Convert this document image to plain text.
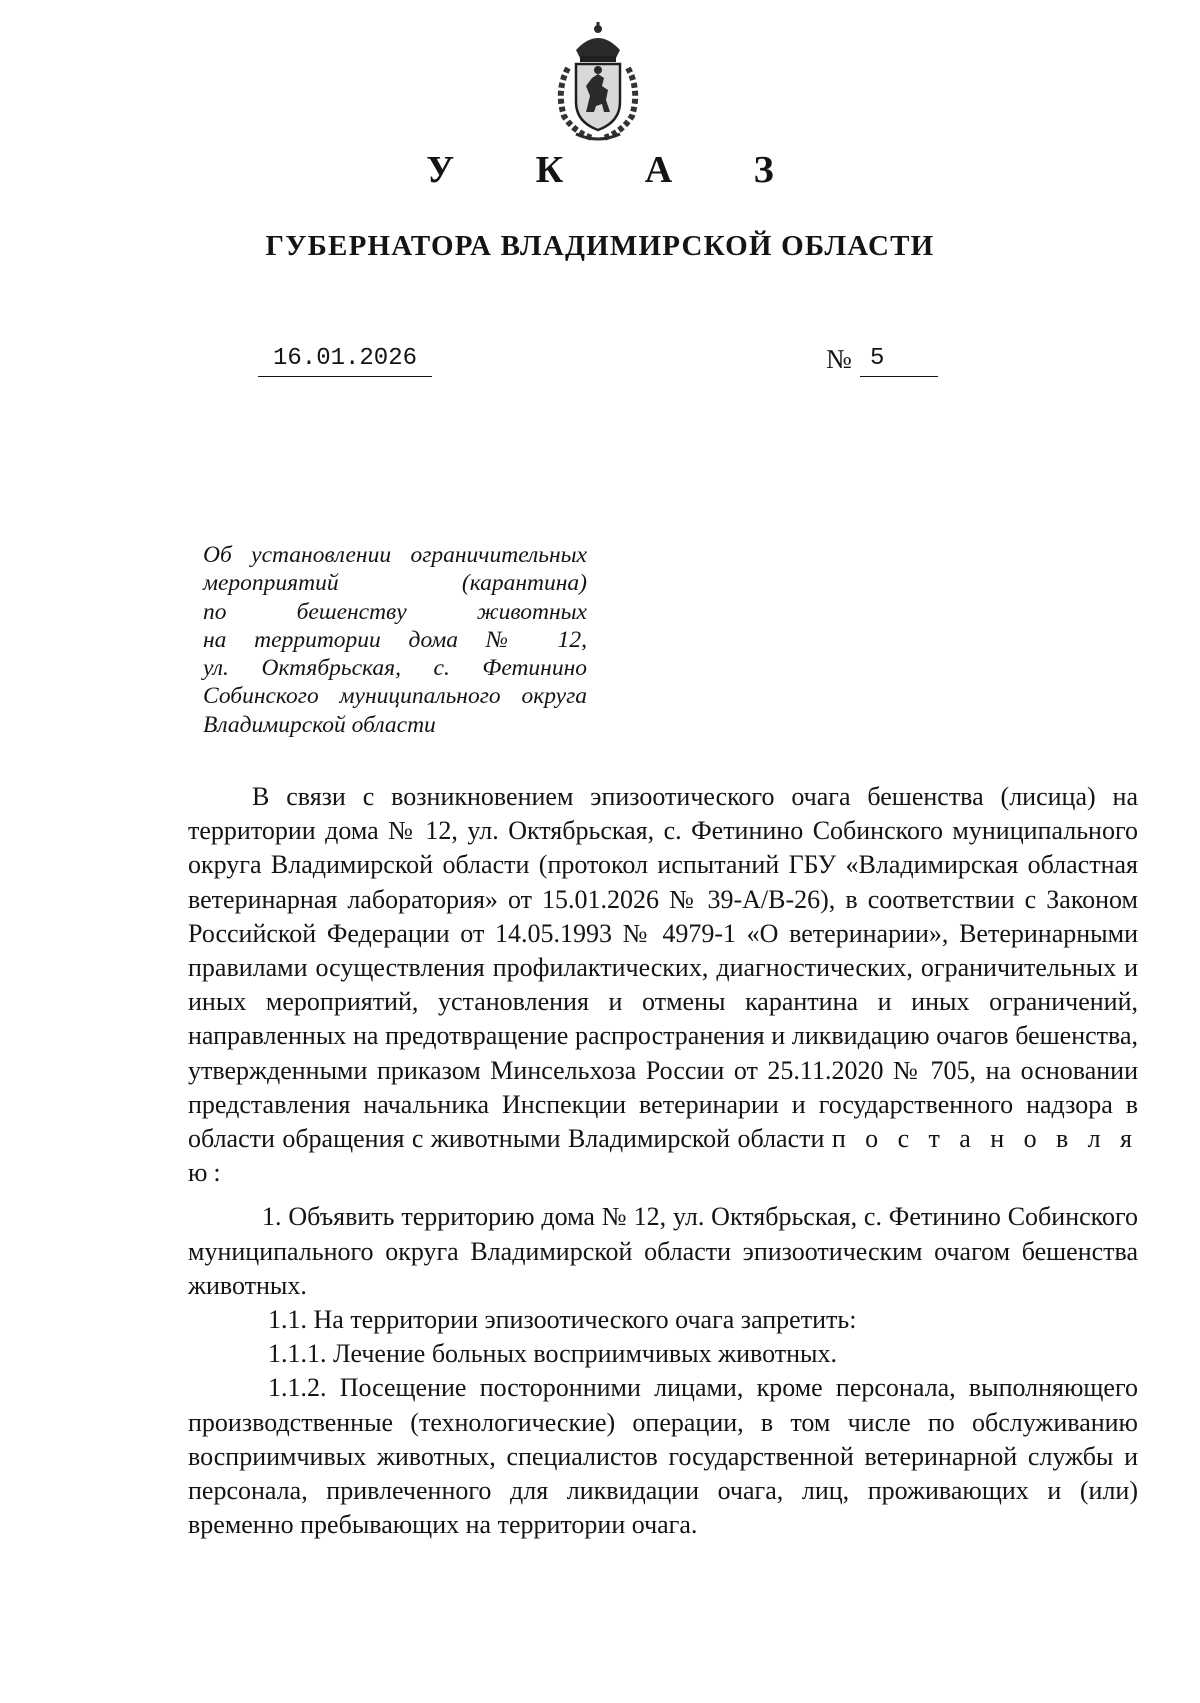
У К А З
ГУБЕРНАТОРА ВЛАДИМИРСКОЙ ОБЛАСТИ
16.01.2026	№ 5
Об установлении ограничительных
мероприятий (карантина)
по бешенству животных
на территории дома № 12,
ул. Октябрьская, с. Фетинино
Собинского муниципального округа
Владимирской области

В связи с возникновением эпизоотического очага бешенства (лисица) на территории дома № 12, ул. Октябрьская, с. Фетинино Собинского муниципального округа Владимирской области (протокол испытаний ГБУ «Владимирская областная ветеринарная лаборатория» от 15.01.2026 № 39-А/В-26), в соответствии с Законом Российской Федерации от 14.05.1993 № 4979-1 «О ветеринарии», Ветеринарными правилами осуществления профилактических, диагностических, ограничительных и иных мероприятий, установления и отмены карантина и иных ограничений, направленных на предотвращение распространения и ликвидацию очагов бешенства, утвержденными приказом Минсельхоза России от 25.11.2020 № 705, на основании представления начальника Инспекции ветеринарии и государственного надзора в области обращения с животными Владимирской области п о с т а н о в л я ю:

1. Объявить территорию дома № 12, ул. Октябрьская, с. Фетинино Собинского муниципального округа Владимирской области эпизоотическим очагом бешенства животных.

1.1. На территории эпизоотического очага запретить:

1.1.1. Лечение больных восприимчивых животных.

1.1.2. Посещение посторонними лицами, кроме персонала, выполняющего производственные (технологические) операции, в том числе по обслуживанию восприимчивых животных, специалистов государственной ветеринарной службы и персонала, привлеченного для ликвидации очага, лиц, проживающих и (или) временно пребывающих на территории очага.
